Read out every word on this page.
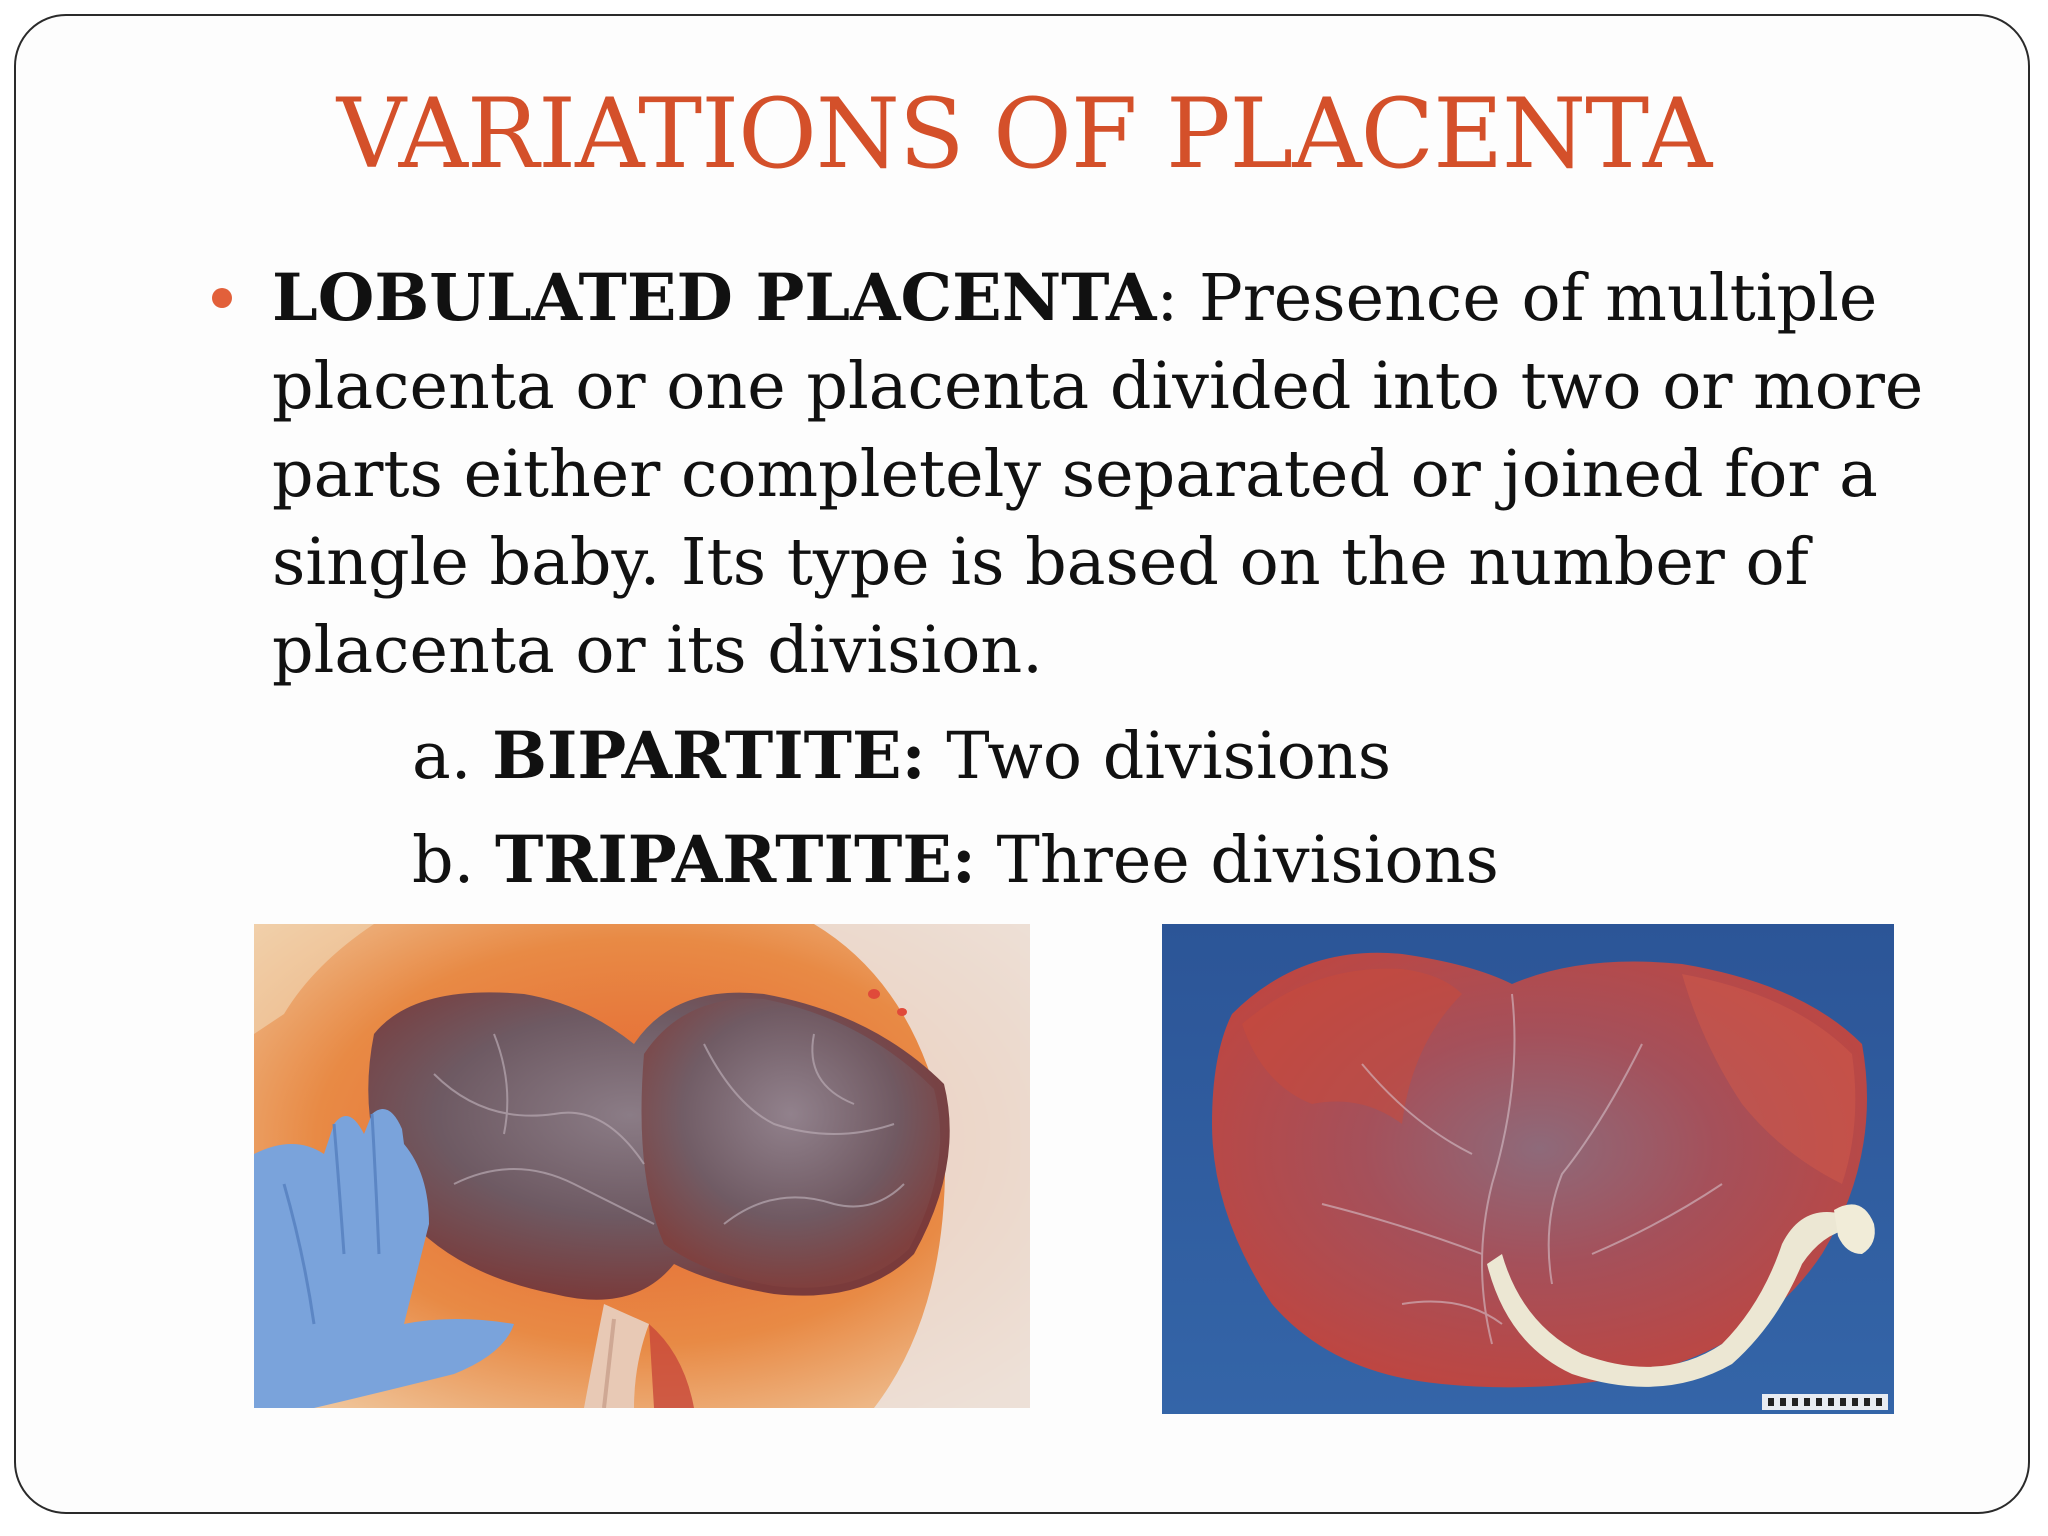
VARIATIONS OF PLACENTA
LOBULATED PLACENTA: Presence of multiple placenta or one placenta divided into two or more parts either completely separated or joined for a single baby. Its type is based on the number of placenta or its division.
a. BIPARTITE: Two divisions
b. TRIPARTITE: Three divisions
